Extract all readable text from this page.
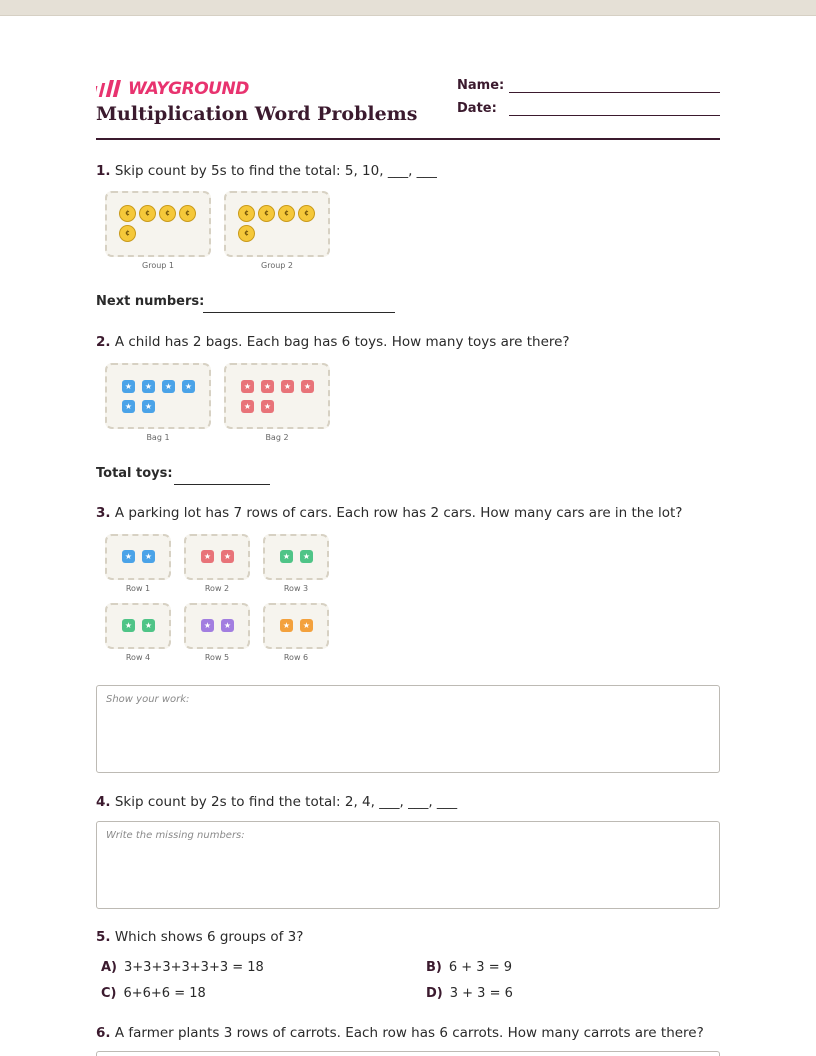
WAYGROUND
Multiplication Word Problems
Name:
Date:
1. Skip count by 5s to find the total: 5, 10, ___, ___
¢	¢	¢	¢
¢
Group 1
¢	¢	¢	¢
¢
Group 2
Next numbers:
2. A child has 2 bags. Each bag has 6 toys. How many toys are there?
★	★	★	★
★	★
Bag 1
★	★	★	★
★	★
Bag 2
Total toys:
3. A parking lot has 7 rows of cars. Each row has 2 cars. How many cars are in the lot?
★	★
Row 1
★	★
Row 2
★	★
Row 3
★	★
Row 4
★	★
Row 5
★	★
Row 6
Show your work:
4. Skip count by 2s to find the total: 2, 4, ___, ___, ___
Write the missing numbers:
5. Which shows 6 groups of 3?
A) 3+3+3+3+3+3 = 18	B) 6 + 3 = 9
C) 6+6+6 = 18	D) 3 + 3 = 6
6. A farmer plants 3 rows of carrots. Each row has 6 carrots. How many carrots are there?
